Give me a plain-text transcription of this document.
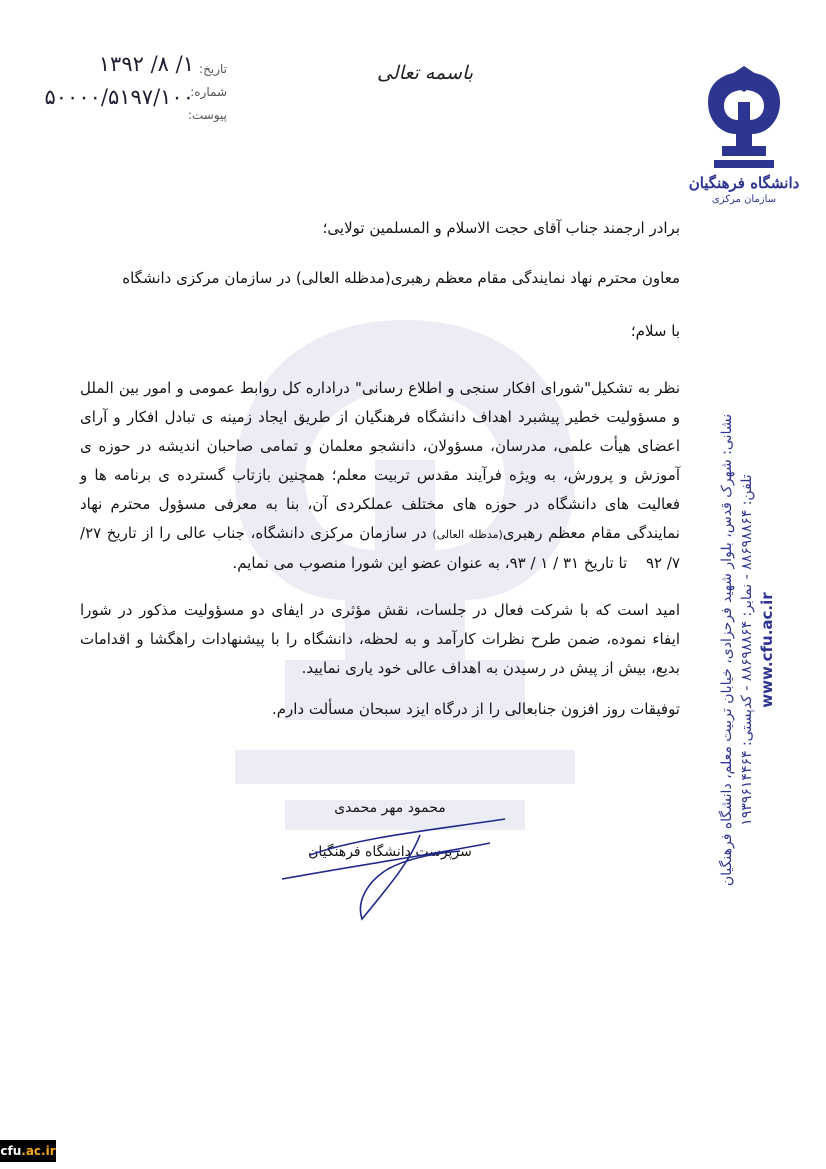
تاریخ:
شماره:
پیوست:
۱/ ۸/ ۱۳۹۲
۵۰۰۰۰/۵۱۹۷/۱۰۰
باسمه تعالی
دانشگاه فرهنگیان
سازمان مرکزی
نشانی: شهرک قدس، بلوار شهید فرحزادی، خیابان تربیت معلم، دانشگاه فرهنگیان تلفن: ۸۸۶۹۸۸۶۴ - نمابر: ۸۸۶۹۸۸۶۴ - کدپستی: ۱۹۳۹۶۱۴۴۶۴
www.cfu.ac.ir

برادر ارجمند جناب آقای حجت الاسلام و المسلمین تولایی؛

معاون محترم نهاد نمایندگی مقام معظم رهبری(مدظله العالی) در سازمان مرکزی دانشگاه

با سلام؛

نظر به تشکیل"شورای افکار سنجی و اطلاع رسانی" دراداره کل روابط عمومی و امور بین الملل و مسؤولیت خطیر پیشبرد اهداف دانشگاه فرهنگیان از طریق ایجاد زمینه ی تبادل افکار و آرای اعضای هیأت علمی، مدرسان، مسؤولان، دانشجو معلمان و تمامی صاحبان اندیشه در حوزه ی آموزش و پرورش، به ویژه فرآیند مقدس تربیت معلم؛ همچنین بازتاب گسترده ی برنامه ها و فعالیت های دانشگاه در حوزه های مختلف عملکردی آن، بنا به معرفی مسؤول محترم نهاد نمایندگی مقام معظم رهبری(مدظله العالی) در سازمان مرکزی دانشگاه، جناب عالی را از تاریخ ۲۷/ ۷/ ۹۲ تا تاریخ ۳۱ / ۱ / ۹۳، به عنوان عضو این شورا منصوب می نمایم.

امید است که با شرکت فعال در جلسات، نقش مؤثری در ایفای دو مسؤولیت مذکور در شورا ایفاء نموده، ضمن طرح نظرات کارآمد و به لحظه، دانشگاه را با پیشنهادات راهگشا و اقدامات بدیع، بیش از پیش در رسیدن به اهداف عالی خود یاری نمایید.

توفیقات روز افزون جنابعالی را از درگاه ایزد سبحان مسألت دارم.

محمود مهر محمدی
سرپرست دانشگاه فرهنگیان
cfu.ac.ir
